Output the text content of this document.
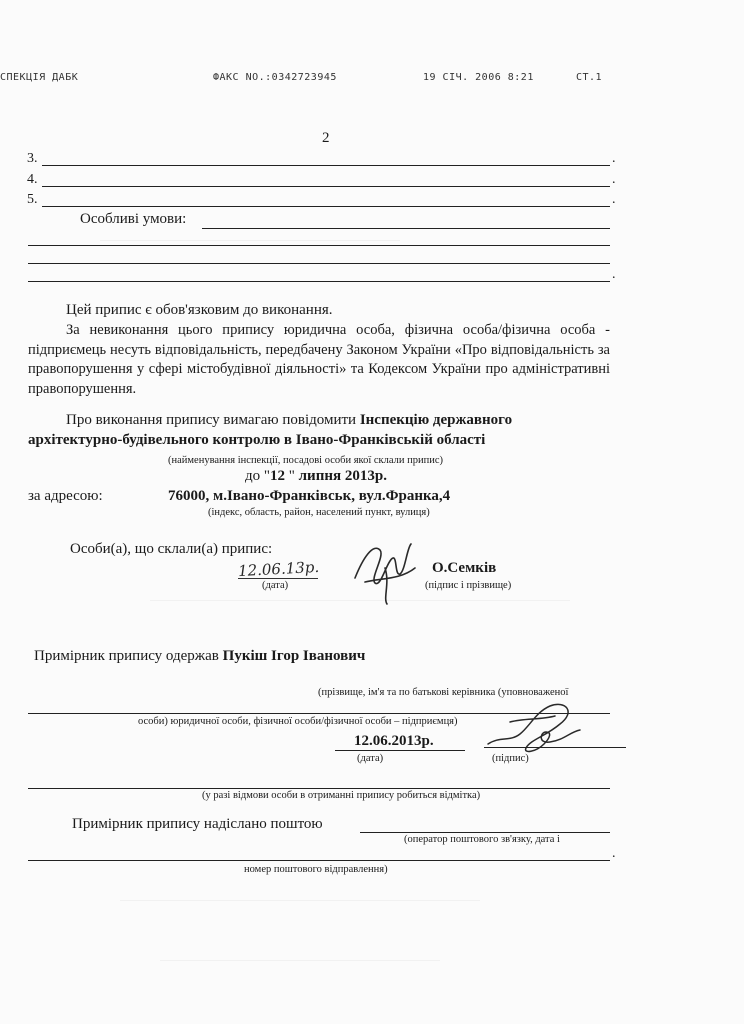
СПЕКЦІЯ ДАБК	ФАКС NO.:0342723945	19 СІЧ. 2006 8:21	СТ.1
2
3.	.
4.	.
5.	.
Особливі умови:
.
Цей припис є обов'язковим до виконання.
За невиконання цього припису юридична особа, фізична особа/фізична особа - підприємець несуть відповідальність, передбачену Законом України «Про відповідальність за правопорушення у сфері містобудівної діяльності» та Кодексом України про адміністративні правопорушення.
Про виконання припису вимагаю повідомити Інспекцію державного
архітектурно-будівельного контролю в Івано-Франківській області
(найменування інспекції, посадові особи якої склали припис)
до "12 " липня 2013р.
за адресою:	76000, м.Івано-Франківськ, вул.Франка,4
(індекс, область, район, населений пункт, вулиця)
Особи(а), що склали(а) припис:
12.06.13р.
(дата)
О.Семків
(підпис і прізвище)
Примірник припису одержав Пукіш Ігор Іванович
(прізвище, ім'я та по батькові керівника (уповноваженої
особи) юридичної особи, фізичної особи/фізичної особи – підприємця)
12.06.2013р.
(дата)	(підпис)
(у разі відмови особи в отриманні припису робиться відмітка)
Примірник припису надіслано поштою
(оператор поштового зв'язку, дата і
.
номер поштового відправлення)
